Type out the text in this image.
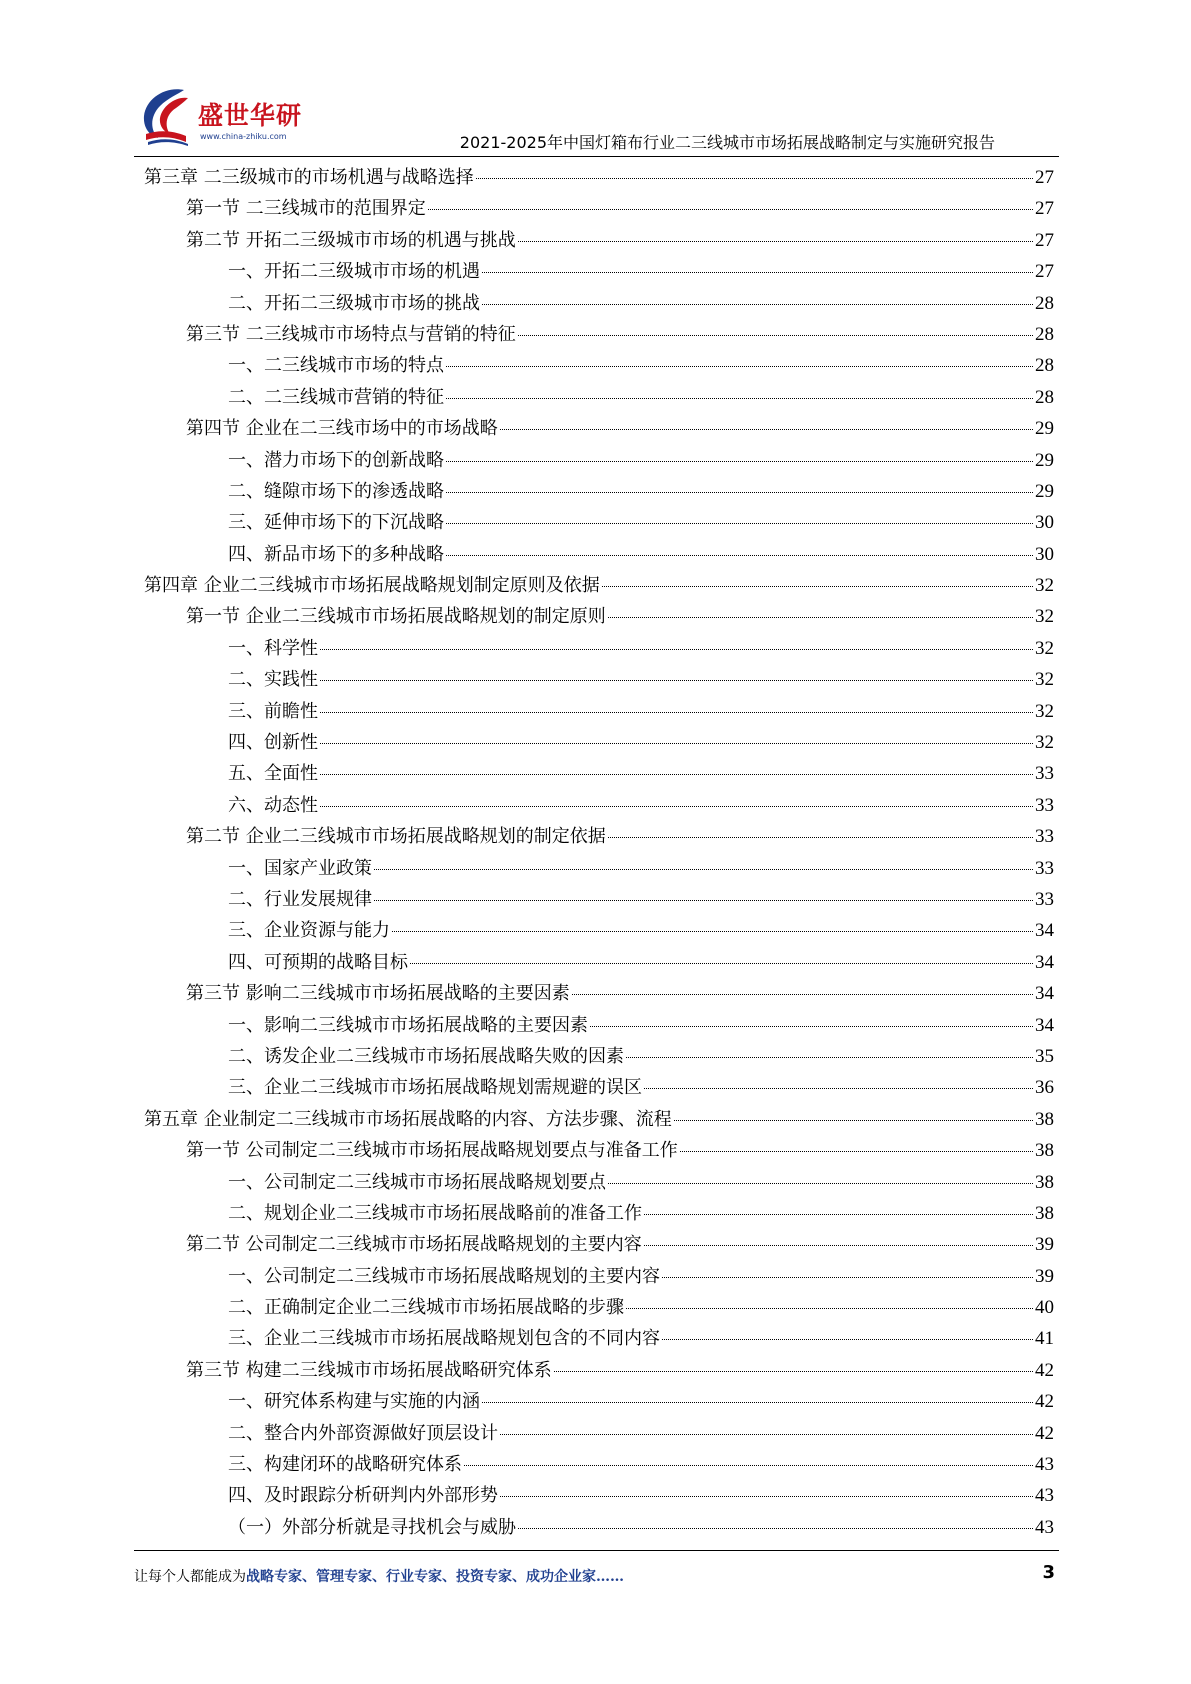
盛世华研
www.china-zhiku.com	2021-2025年中国灯箱布行业二三线城市市场拓展战略制定与实施研究报告
第三章 二三级城市的市场机遇与战略选择	27
第一节 二三线城市的范围界定	27
第二节 开拓二三级城市市场的机遇与挑战	27
一、开拓二三级城市市场的机遇	27
二、开拓二三级城市市场的挑战	28
第三节 二三线城市市场特点与营销的特征	28
一、二三线城市市场的特点	28
二、二三线城市营销的特征	28
第四节 企业在二三线市场中的市场战略	29
一、潜力市场下的创新战略	29
二、缝隙市场下的渗透战略	29
三、延伸市场下的下沉战略	30
四、新品市场下的多种战略	30
第四章 企业二三线城市市场拓展战略规划制定原则及依据	32
第一节 企业二三线城市市场拓展战略规划的制定原则	32
一、科学性	32
二、实践性	32
三、前瞻性	32
四、创新性	32
五、全面性	33
六、动态性	33
第二节 企业二三线城市市场拓展战略规划的制定依据	33
一、国家产业政策	33
二、行业发展规律	33
三、企业资源与能力	34
四、可预期的战略目标	34
第三节 影响二三线城市市场拓展战略的主要因素	34
一、影响二三线城市市场拓展战略的主要因素	34
二、诱发企业二三线城市市场拓展战略失败的因素	35
三、企业二三线城市市场拓展战略规划需规避的误区	36
第五章 企业制定二三线城市市场拓展战略的内容、方法步骤、流程	38
第一节 公司制定二三线城市市场拓展战略规划要点与准备工作	38
一、公司制定二三线城市市场拓展战略规划要点	38
二、规划企业二三线城市市场拓展战略前的准备工作	38
第二节 公司制定二三线城市市场拓展战略规划的主要内容	39
一、公司制定二三线城市市场拓展战略规划的主要内容	39
二、正确制定企业二三线城市市场拓展战略的步骤	40
三、企业二三线城市市场拓展战略规划包含的不同内容	41
第三节 构建二三线城市市场拓展战略研究体系	42
一、研究体系构建与实施的内涵	42
二、整合内外部资源做好顶层设计	42
三、构建闭环的战略研究体系	43
四、及时跟踪分析研判内外部形势	43
（一）外部分析就是寻找机会与威胁	43
让每个人都能成为战略专家、管理专家、行业专家、投资专家、成功企业家……	3
